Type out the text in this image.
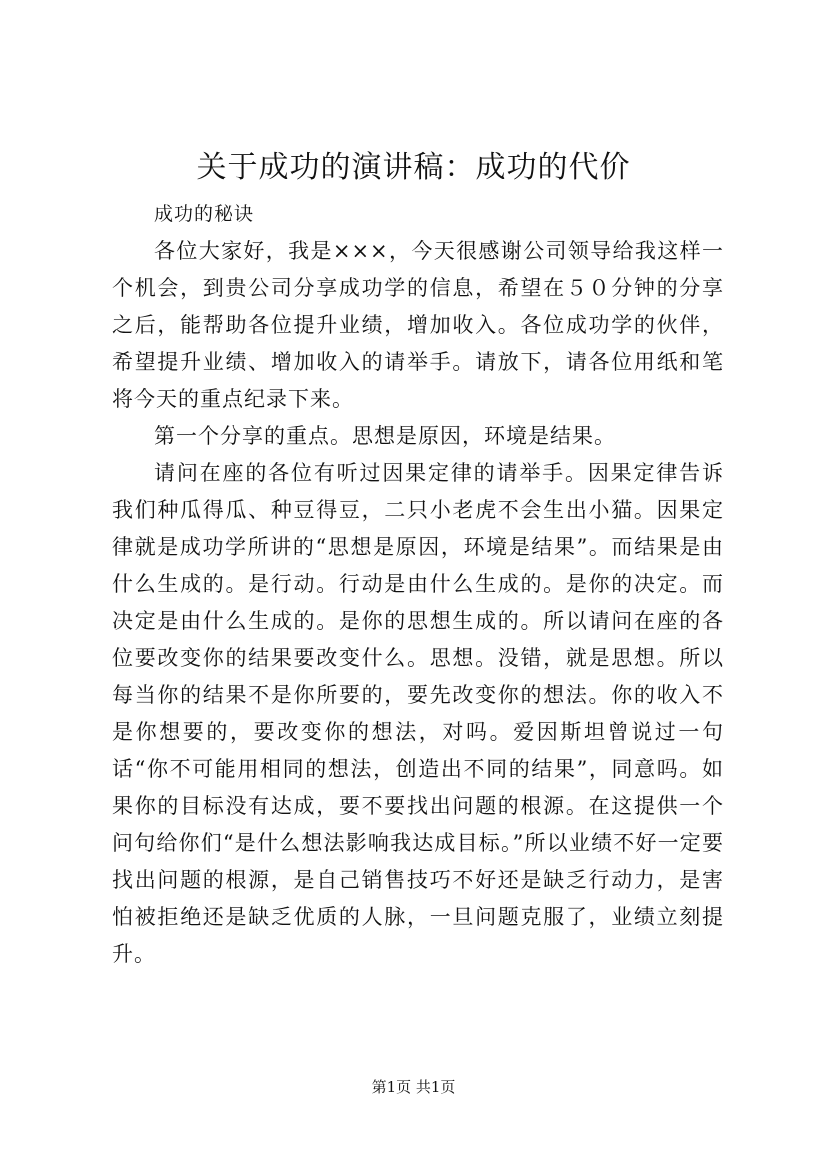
关于成功的演讲稿：成功的代价

成功的秘诀

各位大家好，我是×××，今天很感谢公司领导给我这样一个机会，到贵公司分享成功学的信息，希望在５０分钟的分享之后，能帮助各位提升业绩，增加收入。各位成功学的伙伴，希望提升业绩、增加收入的请举手。请放下，请各位用纸和笔将今天的重点纪录下来。

第一个分享的重点。思想是原因，环境是结果。

请问在座的各位有听过因果定律的请举手。因果定律告诉我们种瓜得瓜、种豆得豆，二只小老虎不会生出小猫。因果定律就是成功学所讲的“思想是原因，环境是结果”。而结果是由什么生成的。是行动。行动是由什么生成的。是你的决定。而决定是由什么生成的。是你的思想生成的。所以请问在座的各位要改变你的结果要改变什么。思想。没错，就是思想。所以每当你的结果不是你所要的，要先改变你的想法。你的收入不是你想要的，要改变你的想法，对吗。爱因斯坦曾说过一句话“你不可能用相同的想法，创造出不同的结果”，同意吗。如果你的目标没有达成，要不要找出问题的根源。在这提供一个问句给你们“是什么想法影响我达成目标。”所以业绩不好一定要找出问题的根源，是自己销售技巧不好还是缺乏行动力，是害怕被拒绝还是缺乏优质的人脉，一旦问题克服了，业绩立刻提升。

第1页 共1页
